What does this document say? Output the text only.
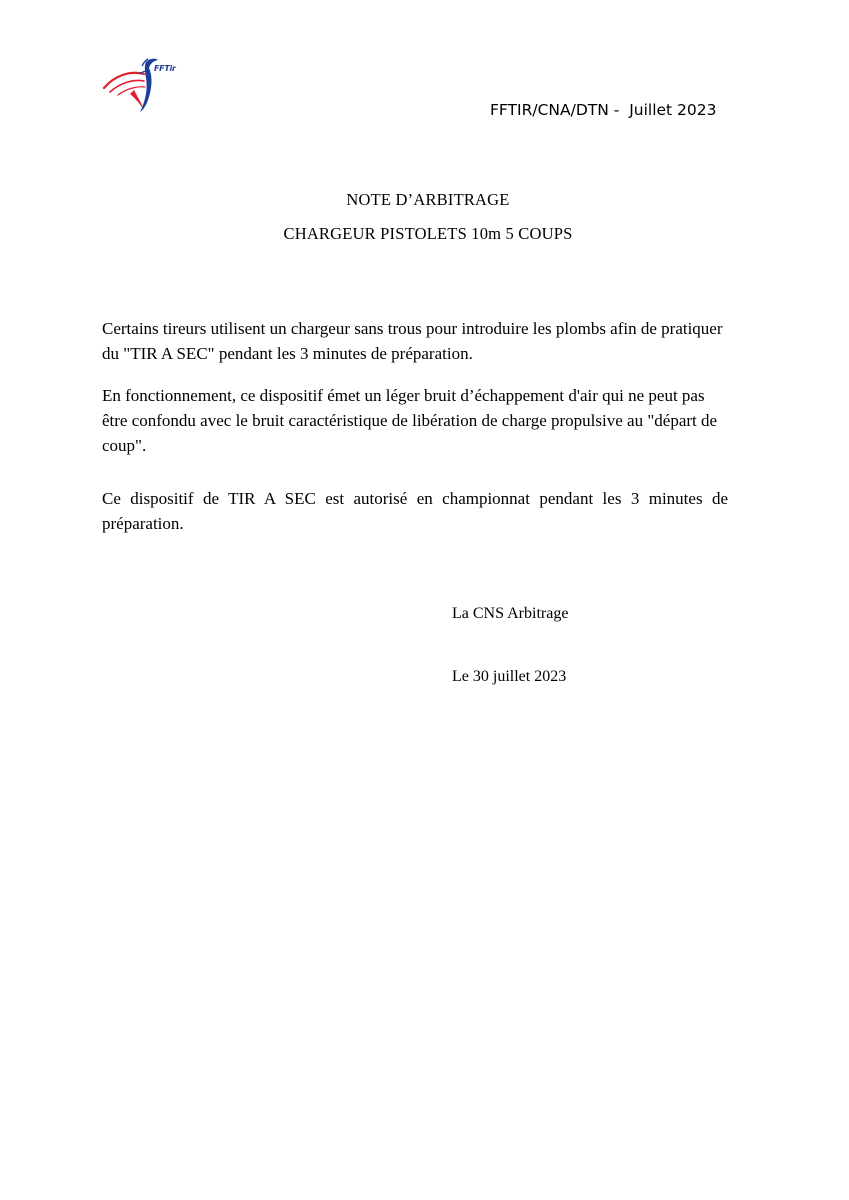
FFTir
FFTIR/CNA/DTN -  Juillet 2023
NOTE D’ARBITRAGE
CHARGEUR PISTOLETS 10m 5 COUPS
Certains tireurs utilisent un chargeur sans trous pour introduire les plombs afin de pratiquer du "TIR A SEC" pendant les 3 minutes de préparation.
En fonctionnement, ce dispositif émet un léger bruit d’échappement d'air qui ne peut pas être confondu avec le bruit caractéristique de libération de charge propulsive au "départ de coup".
Ce dispositif de TIR A SEC est autorisé en championnat pendant les 3 minutes de préparation.
La CNS Arbitrage
Le 30 juillet 2023
